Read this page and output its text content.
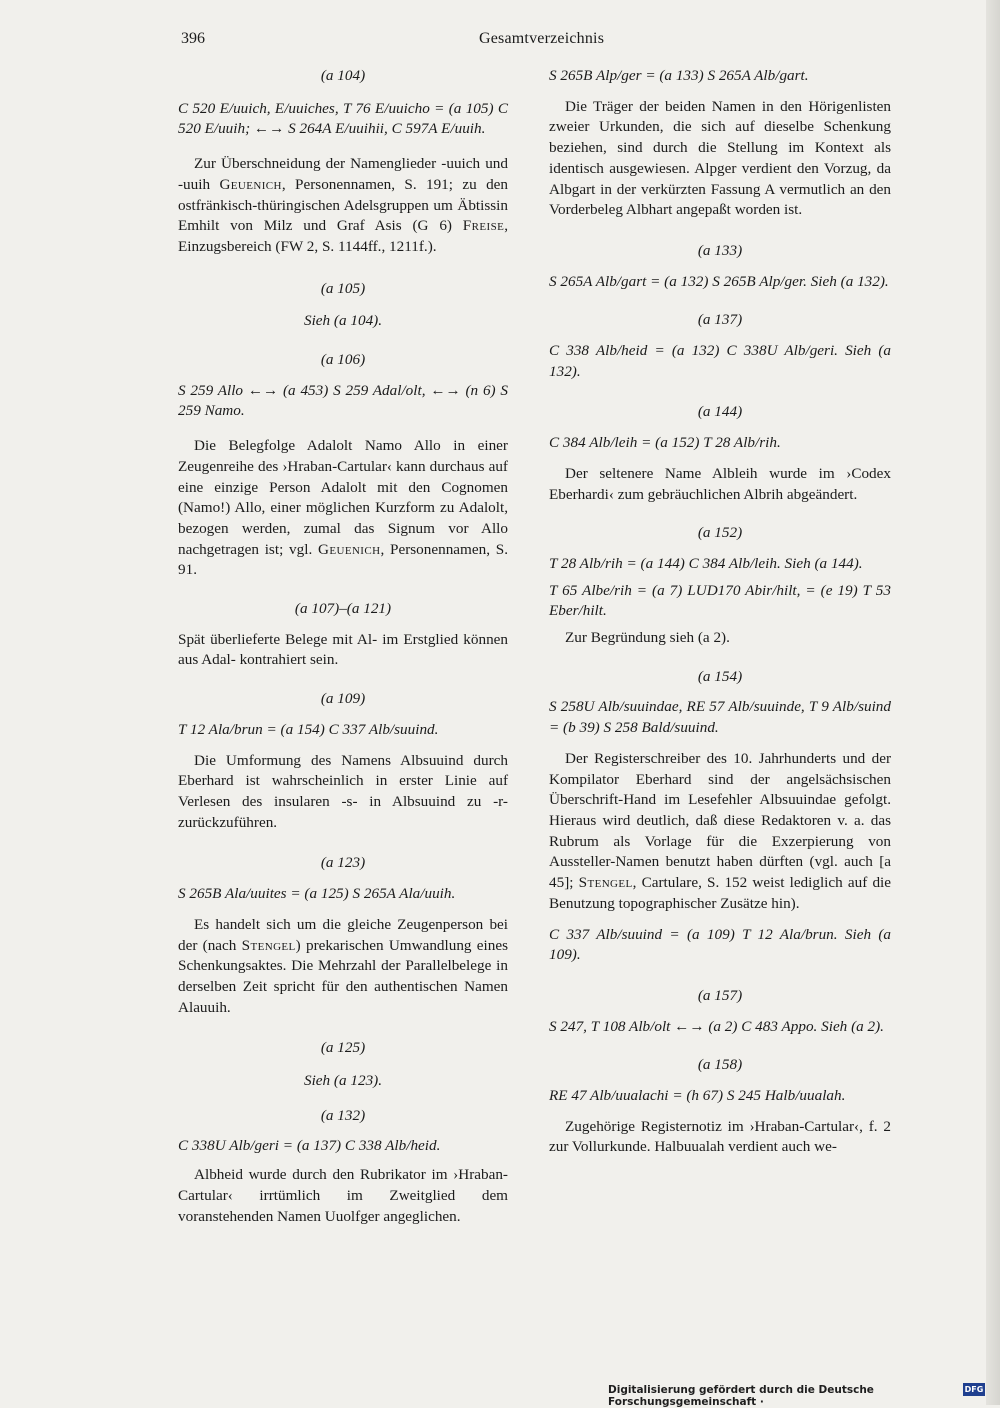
396	Gesamtverzeichnis

(a 104)

C 520 E/uuich, E/uuiches, T 76 E/uuicho = (a 105) C 520 E/uuih; ←→ S 264A E/uuihii, C 597A E/uuih.

Zur Überschneidung der Namenglieder -uuich und -uuih Geuenich, Personennamen, S. 191; zu den ostfränkisch-thüringischen Adelsgruppen um Äbtissin Emhilt von Milz und Graf Asis (G 6) Freise, Einzugsbereich (FW 2, S. 1144ff., 1211f.).

(a 105)

Sieh (a 104).

(a 106)

S 259 Allo ←→ (a 453) S 259 Adal/olt, ←→ (n 6) S 259 Namo.

Die Belegfolge Adalolt Namo Allo in einer Zeugenreihe des ›Hraban-Cartular‹ kann durchaus auf eine einzige Person Adalolt mit den Cognomen (Namo!) Allo, einer möglichen Kurzform zu Adalolt, bezogen werden, zumal das Signum vor Allo nachgetragen ist; vgl. Geuenich, Personennamen, S. 91.

(a 107)–(a 121)

Spät überlieferte Belege mit Al- im Erstglied können aus Adal- kontrahiert sein.

(a 109)

T 12 Ala/brun = (a 154) C 337 Alb/suuind.

Die Umformung des Namens Albsuuind durch Eberhard ist wahrscheinlich in erster Linie auf Verlesen des insularen -s- in Albsuuind zu -r- zurückzuführen.

(a 123)

S 265B Ala/uuites = (a 125) S 265A Ala/uuih.

Es handelt sich um die gleiche Zeugenperson bei der (nach Stengel) prekarischen Umwandlung eines Schenkungsaktes. Die Mehrzahl der Parallelbelege in derselben Zeit spricht für den authentischen Namen Alauuih.

(a 125)

Sieh (a 123).

(a 132)

C 338U Alb/geri = (a 137) C 338 Alb/heid.

Albheid wurde durch den Rubrikator im ›Hraban-Cartular‹ irrtümlich im Zweitglied dem voranstehenden Namen Uuolfger angeglichen.

S 265B Alp/ger = (a 133) S 265A Alb/gart.

Die Träger der beiden Namen in den Hörigenlisten zweier Urkunden, die sich auf dieselbe Schenkung beziehen, sind durch die Stellung im Kontext als identisch ausgewiesen. Alpger verdient den Vorzug, da Albgart in der verkürzten Fassung A vermutlich an den Vorderbeleg Albhart angepaßt worden ist.

(a 133)

S 265A Alb/gart = (a 132) S 265B Alp/ger. Sieh (a 132).

(a 137)

C 338 Alb/heid = (a 132) C 338U Alb/geri. Sieh (a 132).

(a 144)

C 384 Alb/leih = (a 152) T 28 Alb/rih.

Der seltenere Name Albleih wurde im ›Codex Eberhardi‹ zum gebräuchlichen Albrih abgeändert.

(a 152)

T 28 Alb/rih = (a 144) C 384 Alb/leih. Sieh (a 144).

T 65 Albe/rih = (a 7) LUD170 Abir/hilt, = (e 19) T 53 Eber/hilt.

Zur Begründung sieh (a 2).

(a 154)

S 258U Alb/suuindae, RE 57 Alb/suuinde, T 9 Alb/suind = (b 39) S 258 Bald/suuind.

Der Registerschreiber des 10. Jahrhunderts und der Kompilator Eberhard sind der angelsächsischen Überschrift-Hand im Lesefehler Albsuuindae gefolgt. Hieraus wird deutlich, daß diese Redaktoren v. a. das Rubrum als Vorlage für die Exzerpierung von Aussteller-Namen benutzt haben dürften (vgl. auch [a 45]; Stengel, Cartulare, S. 152 weist lediglich auf die Benutzung topographischer Zusätze hin).

C 337 Alb/suuind = (a 109) T 12 Ala/brun. Sieh (a 109).

(a 157)

S 247, T 108 Alb/olt ←→ (a 2) C 483 Appo. Sieh (a 2).

(a 158)

RE 47 Alb/uualachi = (h 67) S 245 Halb/uualah.

Zugehörige Registernotiz im ›Hraban-Cartular‹, f. 2 zur Vollurkunde. Halbuualah verdient auch we-

Digitalisierung gefördert durch die Deutsche Forschungsgemeinschaft ·
DFG
